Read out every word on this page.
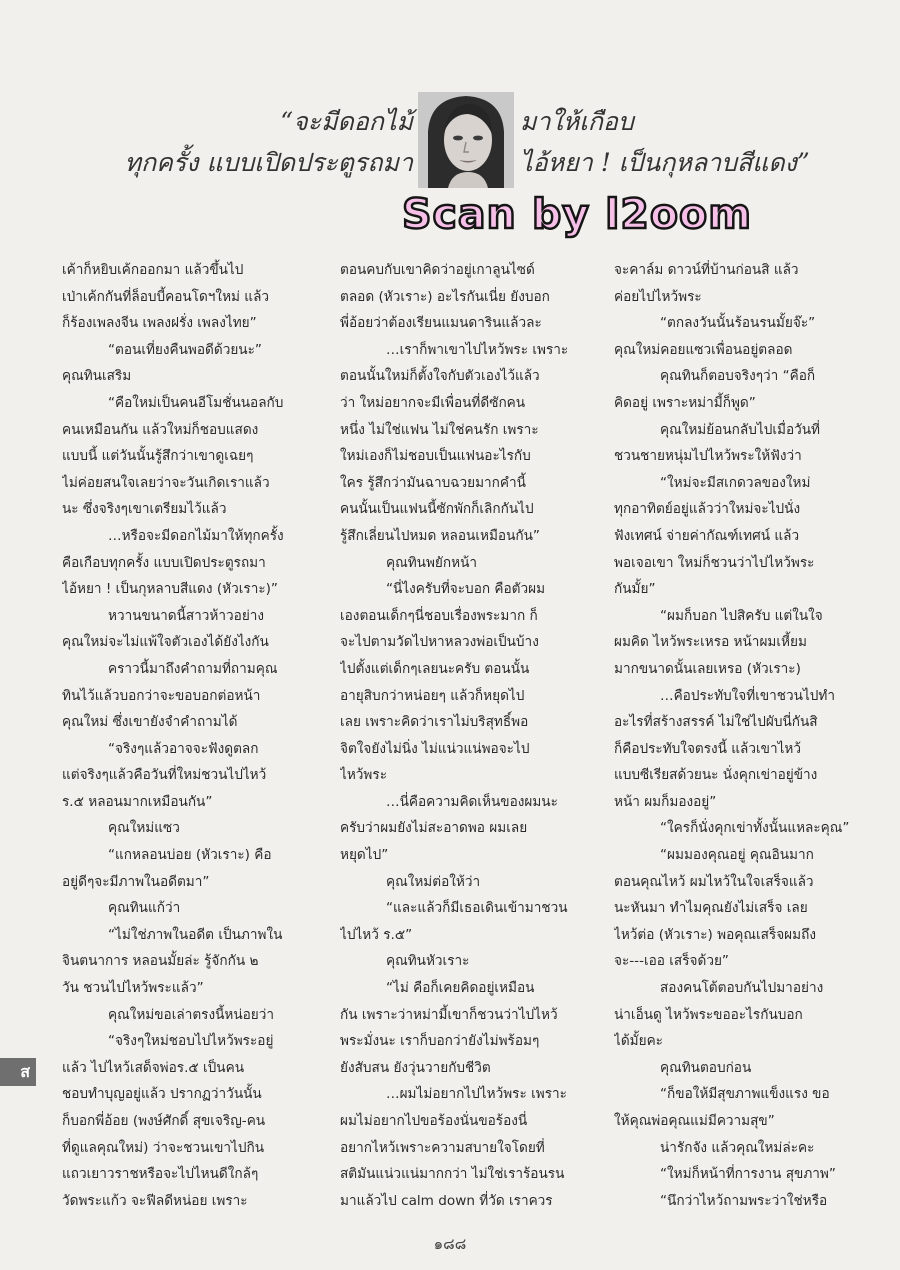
“จะมีดอกไม้
ทุกครั้ง แบบเปิดประตูรถมา
มาให้เกือบ
ไอ้หยา ! เป็นกุหลาบสีแดง”
Scan by l2oom

เค้าก็หยิบเค้กออกมา แล้วขึ้นไป

เป่าเค้กกันที่ล็อบบี้คอนโดฯใหม่ แล้ว

ก็ร้องเพลงจีน เพลงฝรั่ง เพลงไทย”

“ตอนเที่ยงคืนพอดีด้วยนะ”

คุณทินเสริม

“คือใหม่เป็นคนอีโมชั่นนอลกับ

คนเหมือนกัน แล้วใหม่ก็ชอบแสดง

แบบนี้ แต่วันนั้นรู้สึกว่าเขาดูเฉยๆ

ไม่ค่อยสนใจเลยว่าจะวันเกิดเราแล้ว

นะ ซึ่งจริงๆเขาเตรียมไว้แล้ว

…หรือจะมีดอกไม้มาให้ทุกครั้ง

คือเกือบทุกครั้ง แบบเปิดประตูรถมา

ไอ้หยา ! เป็นกุหลาบสีแดง (หัวเราะ)”

หวานขนาดนี้สาวห้าวอย่าง

คุณใหม่จะไม่แพ้ใจตัวเองได้ยังไงกัน

คราวนี้มาถึงคำถามที่ถามคุณ

ทินไว้แล้วบอกว่าจะขอบอกต่อหน้า

คุณใหม่ ซึ่งเขายังจำคำถามได้

“จริงๆแล้วอาจจะฟังดูตลก

แต่จริงๆแล้วคือวันที่ใหม่ชวนไปไหว้

ร.๕ หลอนมากเหมือนกัน”

คุณใหม่แซว

“แกหลอนบ่อย (หัวเราะ) คือ

อยู่ดีๆจะมีภาพในอดีตมา”

คุณทินแก้ว่า

“ไม่ใช่ภาพในอดีต เป็นภาพใน

จินตนาการ หลอนมั้ยล่ะ รู้จักกัน ๒

วัน ชวนไปไหว้พระแล้ว”

คุณใหม่ขอเล่าตรงนี้หน่อยว่า

“จริงๆใหม่ชอบไปไหว้พระอยู่

แล้ว ไปไหว้เสด็จพ่อร.๕ เป็นคน

ชอบทำบุญอยู่แล้ว ปรากฏว่าวันนั้น

ก็บอกพี่อ้อย (พงษ์ศักดิ์ สุขเจริญ-คน

ที่ดูแลคุณใหม่) ว่าจะชวนเขาไปกิน

แถวเยาวราชหรือจะไปไหนดีใกล้ๆ

วัดพระแก้ว จะฟีลดีหน่อย เพราะ

ตอนคบกับเขาคิดว่าอยู่เกาลูนไซด์

ตลอด (หัวเราะ) อะไรกันเนี่ย ยังบอก

พี่อ้อยว่าต้องเรียนแมนดารินแล้วละ

…เราก็พาเขาไปไหว้พระ เพราะ

ตอนนั้นใหม่ก็ตั้งใจกับตัวเองไว้แล้ว

ว่า ใหม่อยากจะมีเพื่อนที่ดีซักคน

หนึ่ง ไม่ใช่แฟน ไม่ใช่คนรัก เพราะ

ใหม่เองก็ไม่ชอบเป็นแฟนอะไรกับ

ใคร รู้สึกว่ามันฉาบฉวยมากคำนี้

คนนั้นเป็นแฟนนี้ซักพักก็เลิกกันไป

รู้สึกเลี่ยนไปหมด หลอนเหมือนกัน”

คุณทินพยักหน้า

“นี่ไงครับที่จะบอก คือตัวผม

เองตอนเด็กๆนี่ชอบเรื่องพระมาก ก็

จะไปตามวัดไปหาหลวงพ่อเป็นบ้าง

ไปตั้งแต่เด็กๆเลยนะครับ ตอนนั้น

อายุสิบกว่าหน่อยๆ แล้วก็หยุดไป

เลย เพราะคิดว่าเราไม่บริสุทธิ์พอ

จิตใจยังไม่นิ่ง ไม่แน่วแน่พอจะไป

ไหว้พระ

…นี่คือความคิดเห็นของผมนะ

ครับว่าผมยังไม่สะอาดพอ ผมเลย

หยุดไป”

คุณใหม่ต่อให้ว่า

“และแล้วก็มีเธอเดินเข้ามาชวน

ไปไหว้ ร.๕”

คุณทินหัวเราะ

“ไม่ คือก็เคยคิดอยู่เหมือน

กัน เพราะว่าหม่ามี้เขาก็ชวนว่าไปไหว้

พระมั่งนะ เราก็บอกว่ายังไม่พร้อมๆ

ยังสับสน ยังวุ่นวายกับชีวิต

…ผมไม่อยากไปไหว้พระ เพราะ

ผมไม่อยากไปขอร้องนั่นขอร้องนี่

อยากไหว้เพราะความสบายใจโดยที่

สติมันแน่วแน่มากกว่า ไม่ใช่เราร้อนรน

มาแล้วไป calm down ที่วัด เราควร

จะคาล์ม ดาวน์ที่บ้านก่อนสิ แล้ว

ค่อยไปไหว้พระ

“ตกลงวันนั้นร้อนรนมั้ยจ๊ะ”

คุณใหม่คอยแซวเพื่อนอยู่ตลอด

คุณทินก็ตอบจริงๆว่า “คือก็

คิดอยู่ เพราะหม่ามี้ก็พูด”

คุณใหม่ย้อนกลับไปเมื่อวันที่

ชวนชายหนุ่มไปไหว้พระให้ฟังว่า

“ใหม่จะมีสเกดวลของใหม่

ทุกอาทิตย์อยู่แล้วว่าใหม่จะไปนั่ง

ฟังเทศน์ จ่ายค่ากัณฑ์เทศน์ แล้ว

พอเจอเขา ใหม่ก็ชวนว่าไปไหว้พระ

กันมั้ย”

“ผมก็บอก ไปสิครับ แต่ในใจ

ผมคิด ไหว้พระเหรอ หน้าผมเหี้ยม

มากขนาดนั้นเลยเหรอ (หัวเราะ)

…คือประทับใจที่เขาชวนไปทำ

อะไรที่สร้างสรรค์ ไม่ใช่ไปผับนี่กันสิ

ก็คือประทับใจตรงนี้ แล้วเขาไหว้

แบบซีเรียสด้วยนะ นั่งคุกเข่าอยู่ข้าง

หน้า ผมก็มองอยู่”

“ใครก็นั่งคุกเข่าทั้งนั้นแหละคุณ”

“ผมมองคุณอยู่ คุณอินมาก

ตอนคุณไหว้ ผมไหว้ในใจเสร็จแล้ว

นะหันมา ทำไมคุณยังไม่เสร็จ เลย

ไหว้ต่อ (หัวเราะ) พอคุณเสร็จผมถึง

จะ---เออ เสร็จด้วย”

สองคนโต้ตอบกันไปมาอย่าง

น่าเอ็นดู ไหว้พระขออะไรกันบอก

ได้มั้ยคะ

คุณทินตอบก่อน

“ก็ขอให้มีสุขภาพแข็งแรง ขอ

ให้คุณพ่อคุณแม่มีความสุข”

น่ารักจัง แล้วคุณใหม่ล่ะคะ

“ใหม่ก็หน้าที่การงาน สุขภาพ”

“นึกว่าไหว้ถามพระว่าใช่หรือ

ส
๑๘๘
